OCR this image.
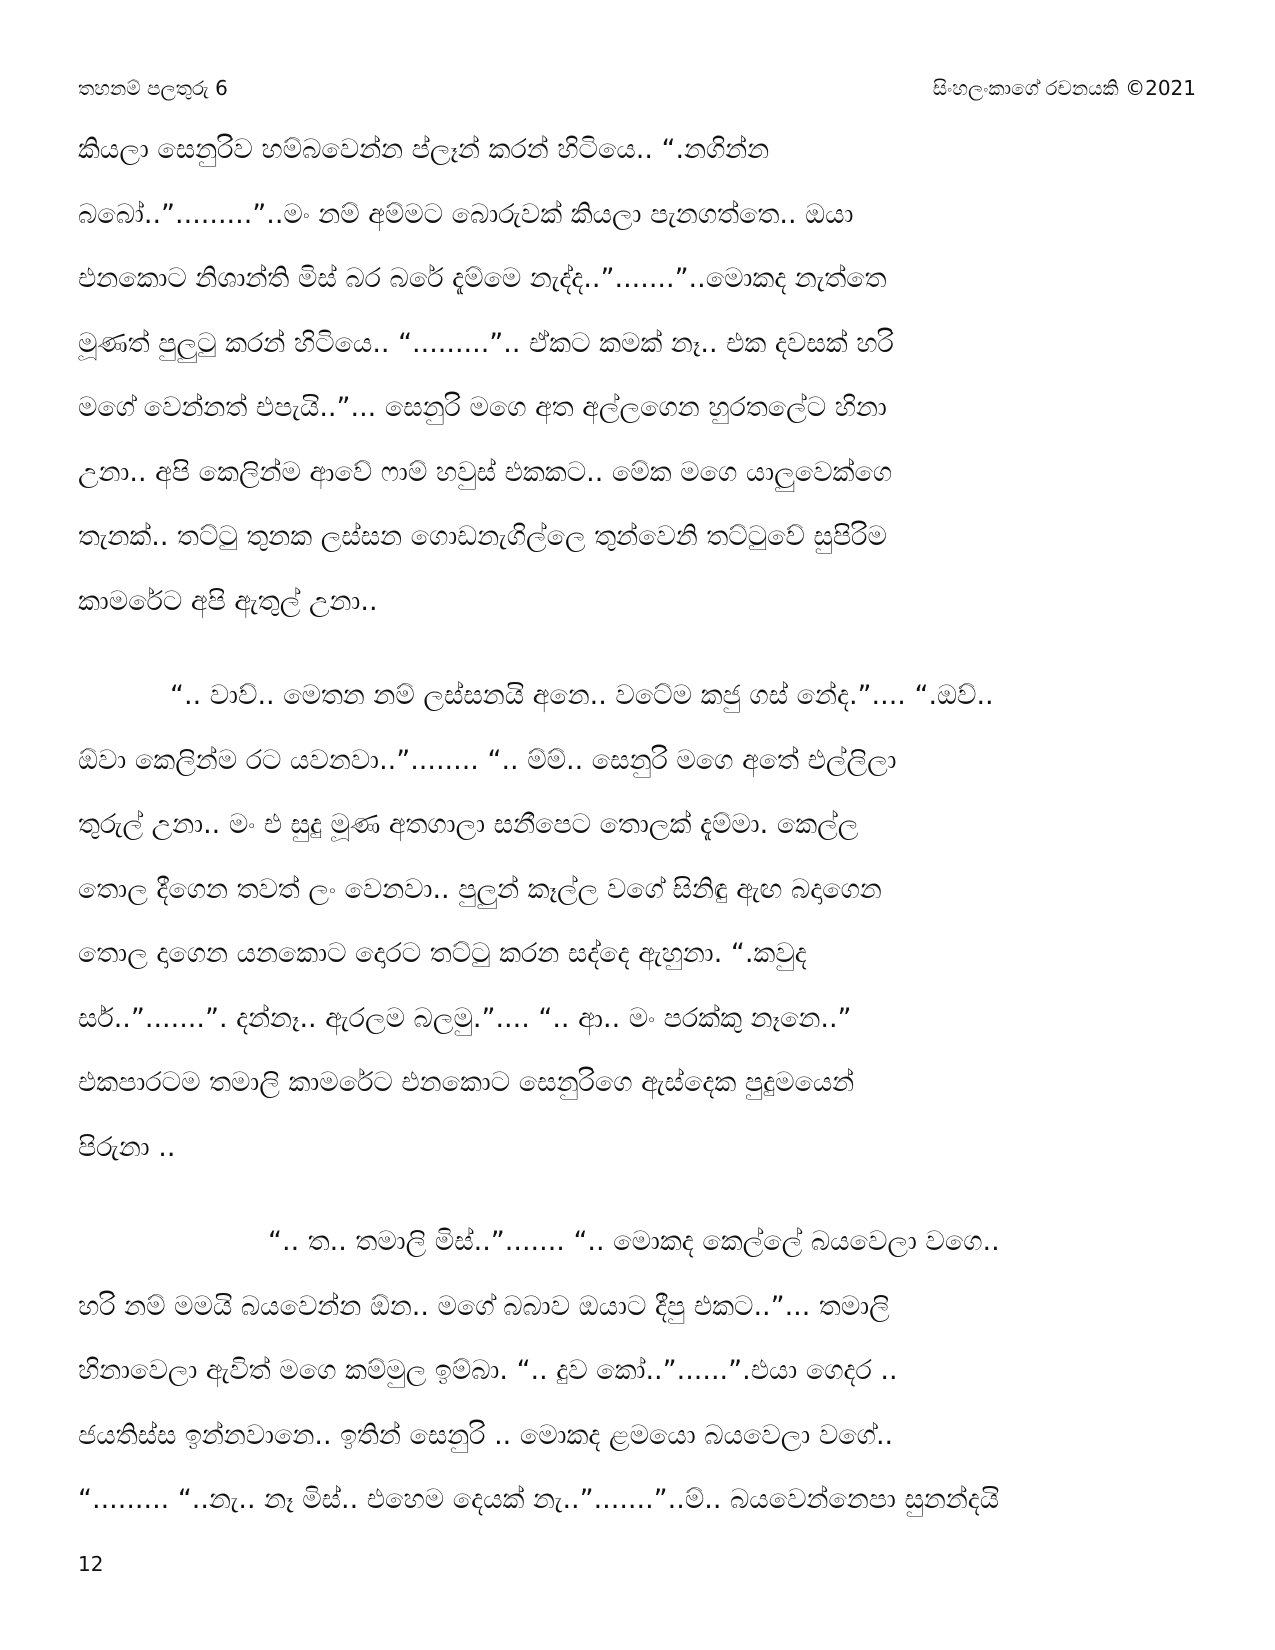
තහනම් පලතුරු 6	සිංහලංකාගේ රචනයකි ©2021
කියලා සෙනුරිව හම්බවෙන්න ප්ලෑන් කරන් හිටියෙ.. “.නගින්න
බබෝ..”.........”..මං නම් අම්මට බොරුවක් කියලා පැනගත්තෙ.. ඔයා
එනකොට නිශාන්ති මිස් බර බරේ දැම්මෙ නැද්ද..”.......”..මොකද නැත්තෙ
මූණත් පුලුටු කරන් හිටියෙ.. “.........”.. ඒකට කමක් නෑ.. එක දවසක් හරි
මගේ වෙන්නත් එපැයි..”... සෙනුරි මගෙ අත අල්ලගෙන හුරතලේට හිනා
උනා.. අපි කෙලින්ම ආවේ ෆාම් හවුස් එකකට.. මේක මගෙ යාලුවෙක්ගෙ
තැනක්.. තට්ටු තුනක ලස්සන ගොඩනැගිල්ලෙ තුන්වෙනි තට්ටුවේ සුපිරිම
කාමරේට අපි ඇතුල් උනා..
“.. වාව්.. මෙතන නම් ලස්සනයි අනෙ.. වටේම කජු ගස් නේද.”.... “.ඔව්..
ඕවා කෙලින්ම රට යවනවා..”........ “.. ම්ම්.. සෙනුරි මගෙ අතේ එල්ලිලා
තුරුල් උනා.. මං එ සුදු මූණ අතගාලා සනීපෙට තොලක් දැම්මා. කෙල්ල
තොල දීගෙන තවත් ලං වෙනවා.. පුලුන් කෑල්ල වගේ සිනිඳු ඇඟ බදාගෙන
තොල දාගෙන යනකොට දොරට තට්ටු කරන සද්දෙ ඇහුනා. “.කවුද
සර්..”.......”. දන්නෑ.. ඇරලම බලමු.”.... “.. ආ.. මං පරක්කු නෑනෙ..”
එකපාරටම තමාලි කාමරේට එනකොට සෙනුරිගෙ ඇස්දෙක පුදුමයෙන්
පිරුනා ..
“.. ත.. තමාලි මිස්..”....... “.. මොකද කෙල්ලේ බයවෙලා වගෙ..
හරි නම් මමයි බයවෙන්න ඕන.. මගේ බබාව ඔයාට දීපු එකට..”... තමාලි
හිනාවෙලා ඇවිත් මගෙ කම්මුල ඉම්බා. “.. දුව කෝ..”......”.එයා ගෙදර ..
ජයතිස්ස ඉන්නවානෙ.. ඉතින් සෙනුරි .. මොකද ළමයො බයවෙලා වගේ..
“......... “..නැ.. නෑ මිස්.. එහෙම දෙයක් නැ..”.......”..ම්.. බයවෙන්නෙපා සුනන්දයි
12
